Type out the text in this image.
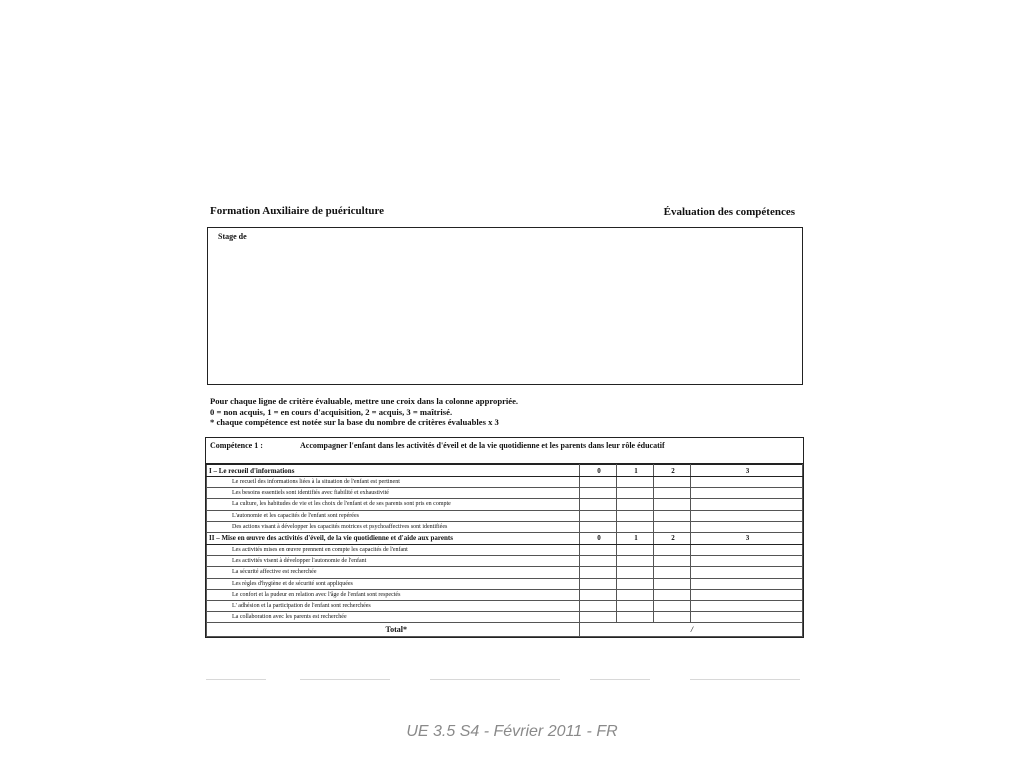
Formation Auxiliaire de puériculture	Évaluation des compétences
Stage de
Pour chaque ligne de critère évaluable, mettre une croix dans la colonne appropriée.
0 = non acquis, 1 = en cours d'acquisition, 2 = acquis, 3 = maîtrisé.
* chaque compétence est notée sur la base du nombre de critères évaluables x 3
Compétence 1 :	Accompagner l'enfant dans les activités d'éveil et de la vie quotidienne et les parents dans leur rôle éducatif
I – Le recueil d'informations	0	1	2	3
Le recueil des informations liées à la situation de l'enfant est pertinent				
Les besoins essentiels sont identifiés avec fiabilité et exhaustivité				
La culture, les habitudes de vie et les choix de l'enfant et de ses parents sont pris en compte				
L'autonomie et les capacités de l'enfant sont repérées				
Des actions visant à développer les capacités motrices et psychoaffectives sont identifiées				
II – Mise en œuvre des activités d'éveil, de la vie quotidienne et d'aide aux parents	0	1	2	3
Les activités mises en œuvre prennent en compte les capacités de l'enfant				
Les activités visent à développer l'autonomie de l'enfant				
La sécurité affective est recherchée				
Les règles d'hygiène et de sécurité sont appliquées				
Le confort et la pudeur en relation avec l'âge de l'enfant sont respectés				
L' adhésion et la participation de l'enfant sont recherchées				
La collaboration avec les parents est recherchée				
Total*	/			
UE 3.5 S4 - Février 2011 - FR
